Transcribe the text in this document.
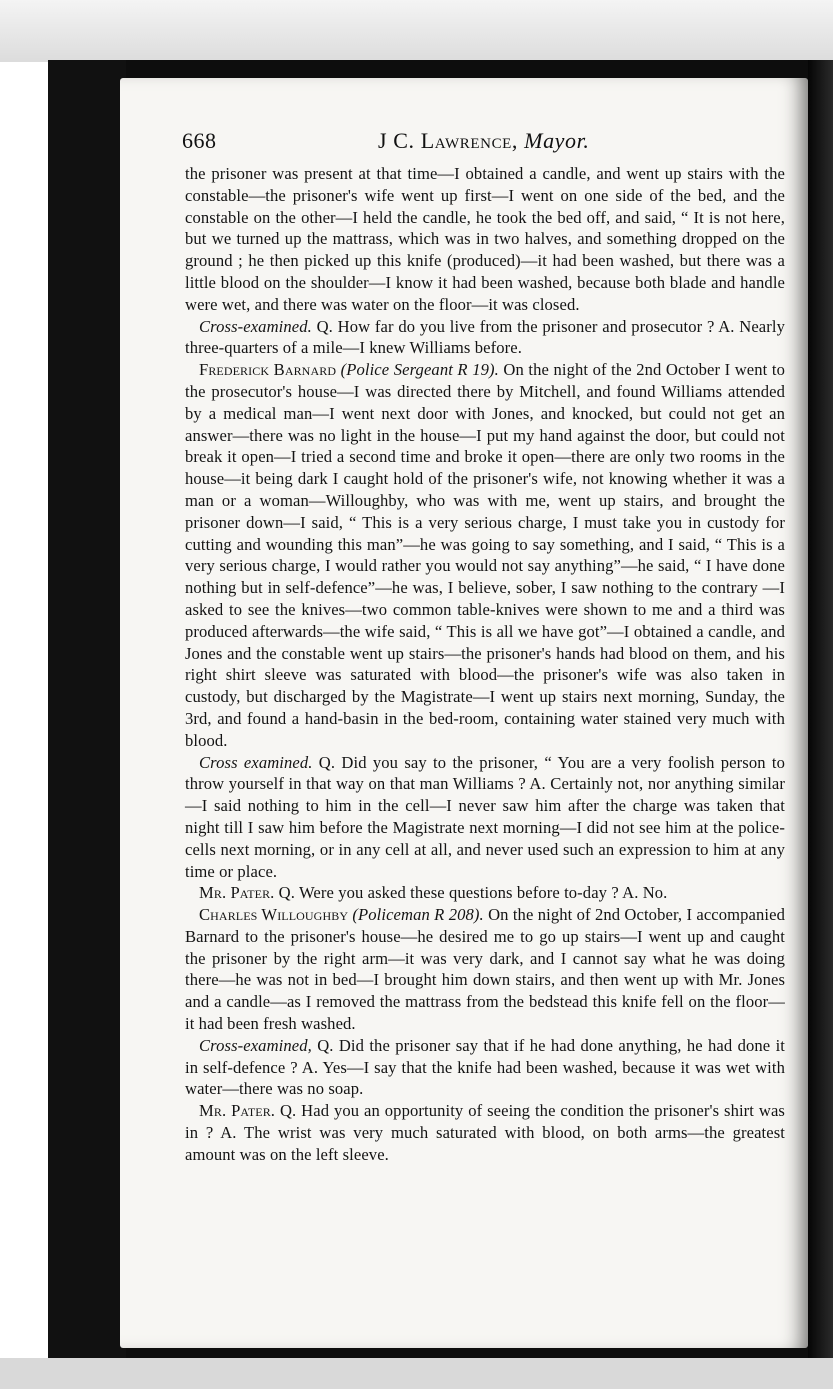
668	J C. Lawrence, Mayor.

the prisoner was present at that time—I obtained a candle, and went up stairs with the constable—the prisoner's wife went up first—I went on one side of the bed, and the constable on the other—I held the candle, he took the bed off, and said, “ It is not here, but we turned up the mattrass, which was in two halves, and something dropped on the ground ; he then picked up this knife (produced)—it had been washed, but there was a little blood on the shoulder—I know it had been washed, because both blade and handle were wet, and there was water on the floor—it was closed.

Cross-examined. Q. How far do you live from the prisoner and prosecutor ? A. Nearly three-quarters of a mile—I knew Williams before.

Frederick Barnard (Police Sergeant R 19). On the night of the 2nd October I went to the prosecutor's house—I was directed there by Mitchell, and found Williams attended by a medical man—I went next door with Jones, and knocked, but could not get an answer—there was no light in the house—I put my hand against the door, but could not break it open—I tried a second time and broke it open—there are only two rooms in the house—it being dark I caught hold of the prisoner's wife, not knowing whether it was a man or a woman—Willoughby, who was with me, went up stairs, and brought the prisoner down—I said, “ This is a very serious charge, I must take you in custody for cutting and wounding this man”—he was going to say something, and I said, “ This is a very serious charge, I would rather you would not say anything”—he said, “ I have done nothing but in self-defence”—he was, I believe, sober, I saw nothing to the contrary —I asked to see the knives—two common table-knives were shown to me and a third was produced afterwards—the wife said, “ This is all we have got”—I obtained a candle, and Jones and the constable went up stairs—the prisoner's hands had blood on them, and his right shirt sleeve was saturated with blood—the prisoner's wife was also taken in custody, but discharged by the Magistrate—I went up stairs next morning, Sunday, the 3rd, and found a hand-basin in the bed-room, containing water stained very much with blood.

Cross examined. Q. Did you say to the prisoner, “ You are a very foolish person to throw yourself in that way on that man Williams ? A. Certainly not, nor anything similar—I said nothing to him in the cell—I never saw him after the charge was taken that night till I saw him before the Magistrate next morning—I did not see him at the police-cells next morning, or in any cell at all, and never used such an expression to him at any time or place.

Mr. Pater. Q. Were you asked these questions before to-day ? A. No.

Charles Willoughby (Policeman R 208). On the night of 2nd October, I accompanied Barnard to the prisoner's house—he desired me to go up stairs—I went up and caught the prisoner by the right arm—it was very dark, and I cannot say what he was doing there—he was not in bed—I brought him down stairs, and then went up with Mr. Jones and a candle—as I removed the mattrass from the bedstead this knife fell on the floor—it had been fresh washed.

Cross-examined, Q. Did the prisoner say that if he had done anything, he had done it in self-defence ? A. Yes—I say that the knife had been washed, because it was wet with water—there was no soap.

Mr. Pater. Q. Had you an opportunity of seeing the condition the prisoner's shirt was in ? A. The wrist was very much saturated with blood, on both arms—the greatest amount was on the left sleeve.
